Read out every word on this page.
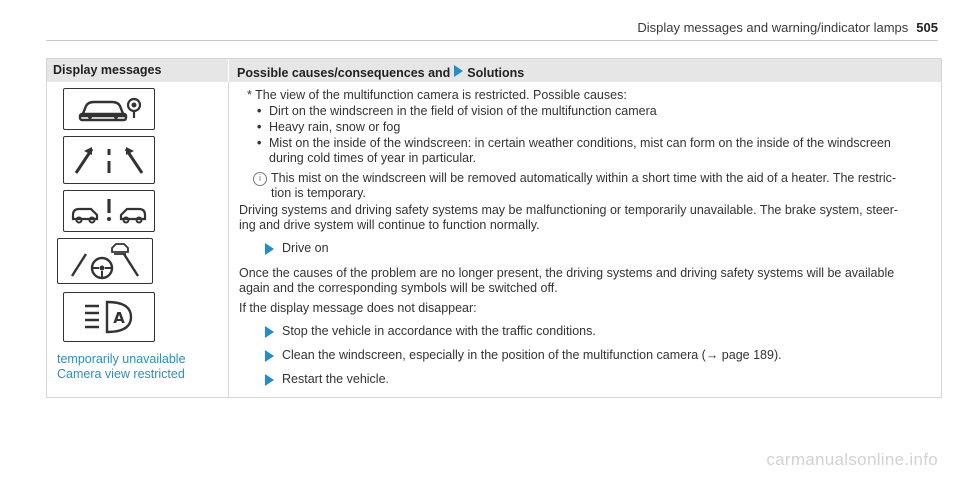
Display messages and warning/indicator lamps 505
Display messages	Possible causes/consequences and Solutions
A
temporarily unavailable
Camera view restricted
* The view of the multifunction camera is restricted. Possible causes:
• Dirt on the windscreen in the field of vision of the multifunction camera
• Heavy rain, snow or fog
• Mist on the inside of the windscreen: in certain weather conditions, mist can form on the inside of the windscreen
during cold times of year in particular.
i This mist on the windscreen will be removed automatically within a short time with the aid of a heater. The restric-
tion is temporary.
Driving systems and driving safety systems may be malfunctioning or temporarily unavailable. The brake system, steer-
ing and drive system will continue to function normally.
Drive on
Once the causes of the problem are no longer present, the driving systems and driving safety systems will be available
again and the corresponding symbols will be switched off.
If the display message does not disappear:
Stop the vehicle in accordance with the traffic conditions.
Clean the windscreen, especially in the position of the multifunction camera (→ page 189).
Restart the vehicle.
carmanualsonline.info
